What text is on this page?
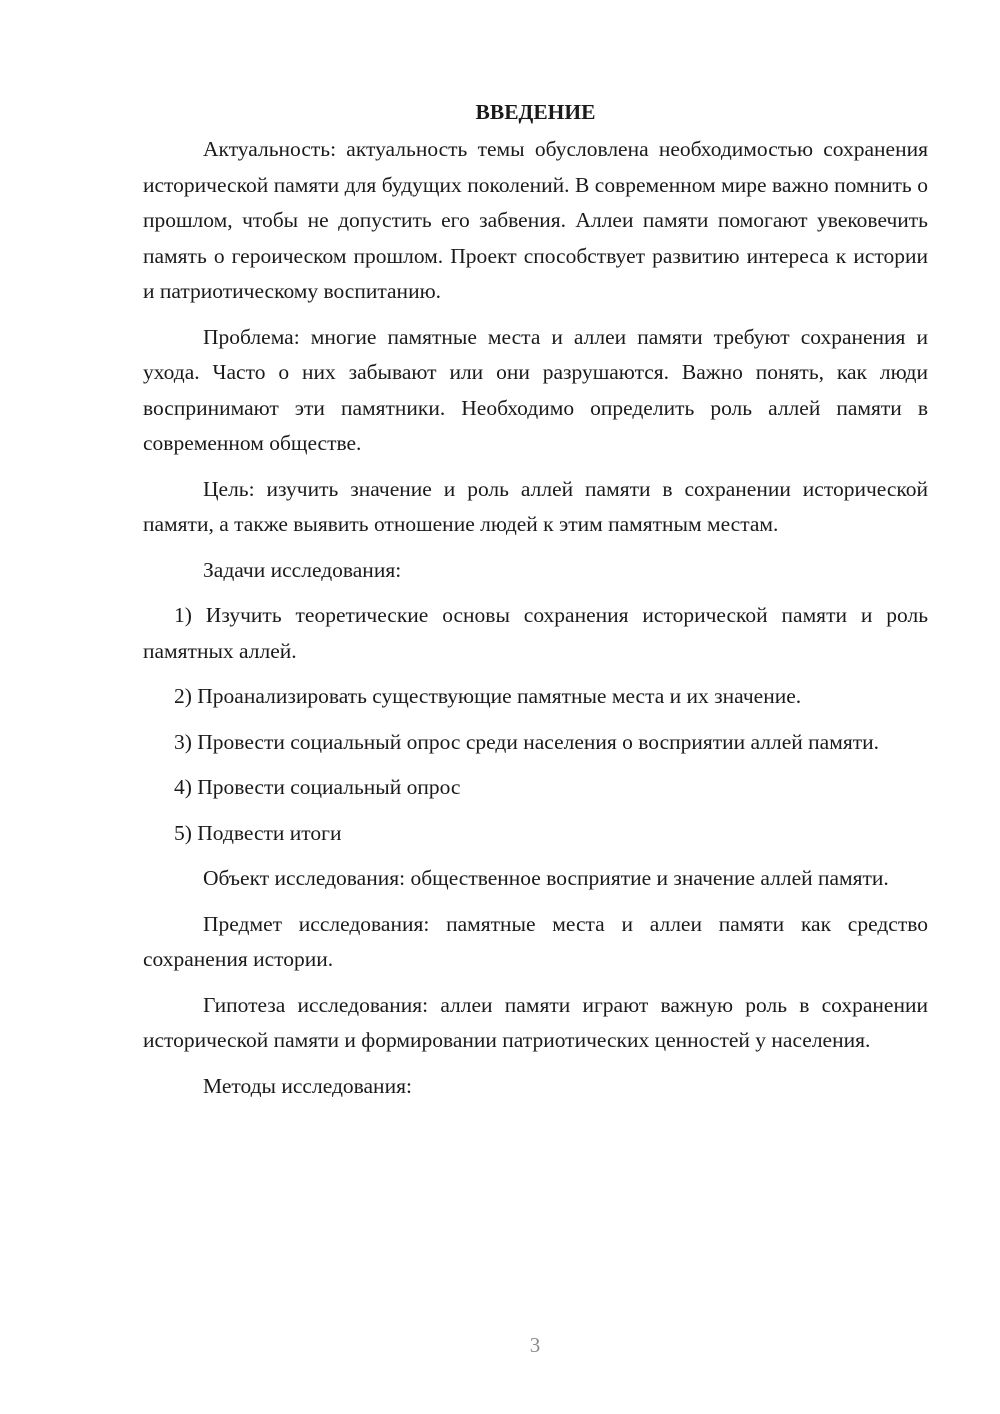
ВВЕДЕНИЕ

Актуальность: актуальность темы обусловлена необходимостью сохранения исторической памяти для будущих поколений. В современном мире важно помнить о прошлом, чтобы не допустить его забвения. Аллеи памяти помогают увековечить память о героическом прошлом. Проект способствует развитию интереса к истории и патриотическому воспитанию.

Проблема: многие памятные места и аллеи памяти требуют сохранения и ухода. Часто о них забывают или они разрушаются. Важно понять, как люди воспринимают эти памятники. Необходимо определить роль аллей памяти в современном обществе.

Цель: изучить значение и роль аллей памяти в сохранении исторической памяти, а также выявить отношение людей к этим памятным местам.

Задачи исследования:

1) Изучить теоретические основы сохранения исторической памяти и роль памятных аллей.

2) Проанализировать существующие памятные места и их значение.

3) Провести социальный опрос среди населения о восприятии аллей памяти.

4) Провести социальный опрос

5) Подвести итоги

Объект исследования: общественное восприятие и значение аллей памяти.

Предмет исследования: памятные места и аллеи памяти как средство сохранения истории.

Гипотеза исследования: аллеи памяти играют важную роль в сохранении исторической памяти и формировании патриотических ценностей у населения.

Методы исследования:

3
